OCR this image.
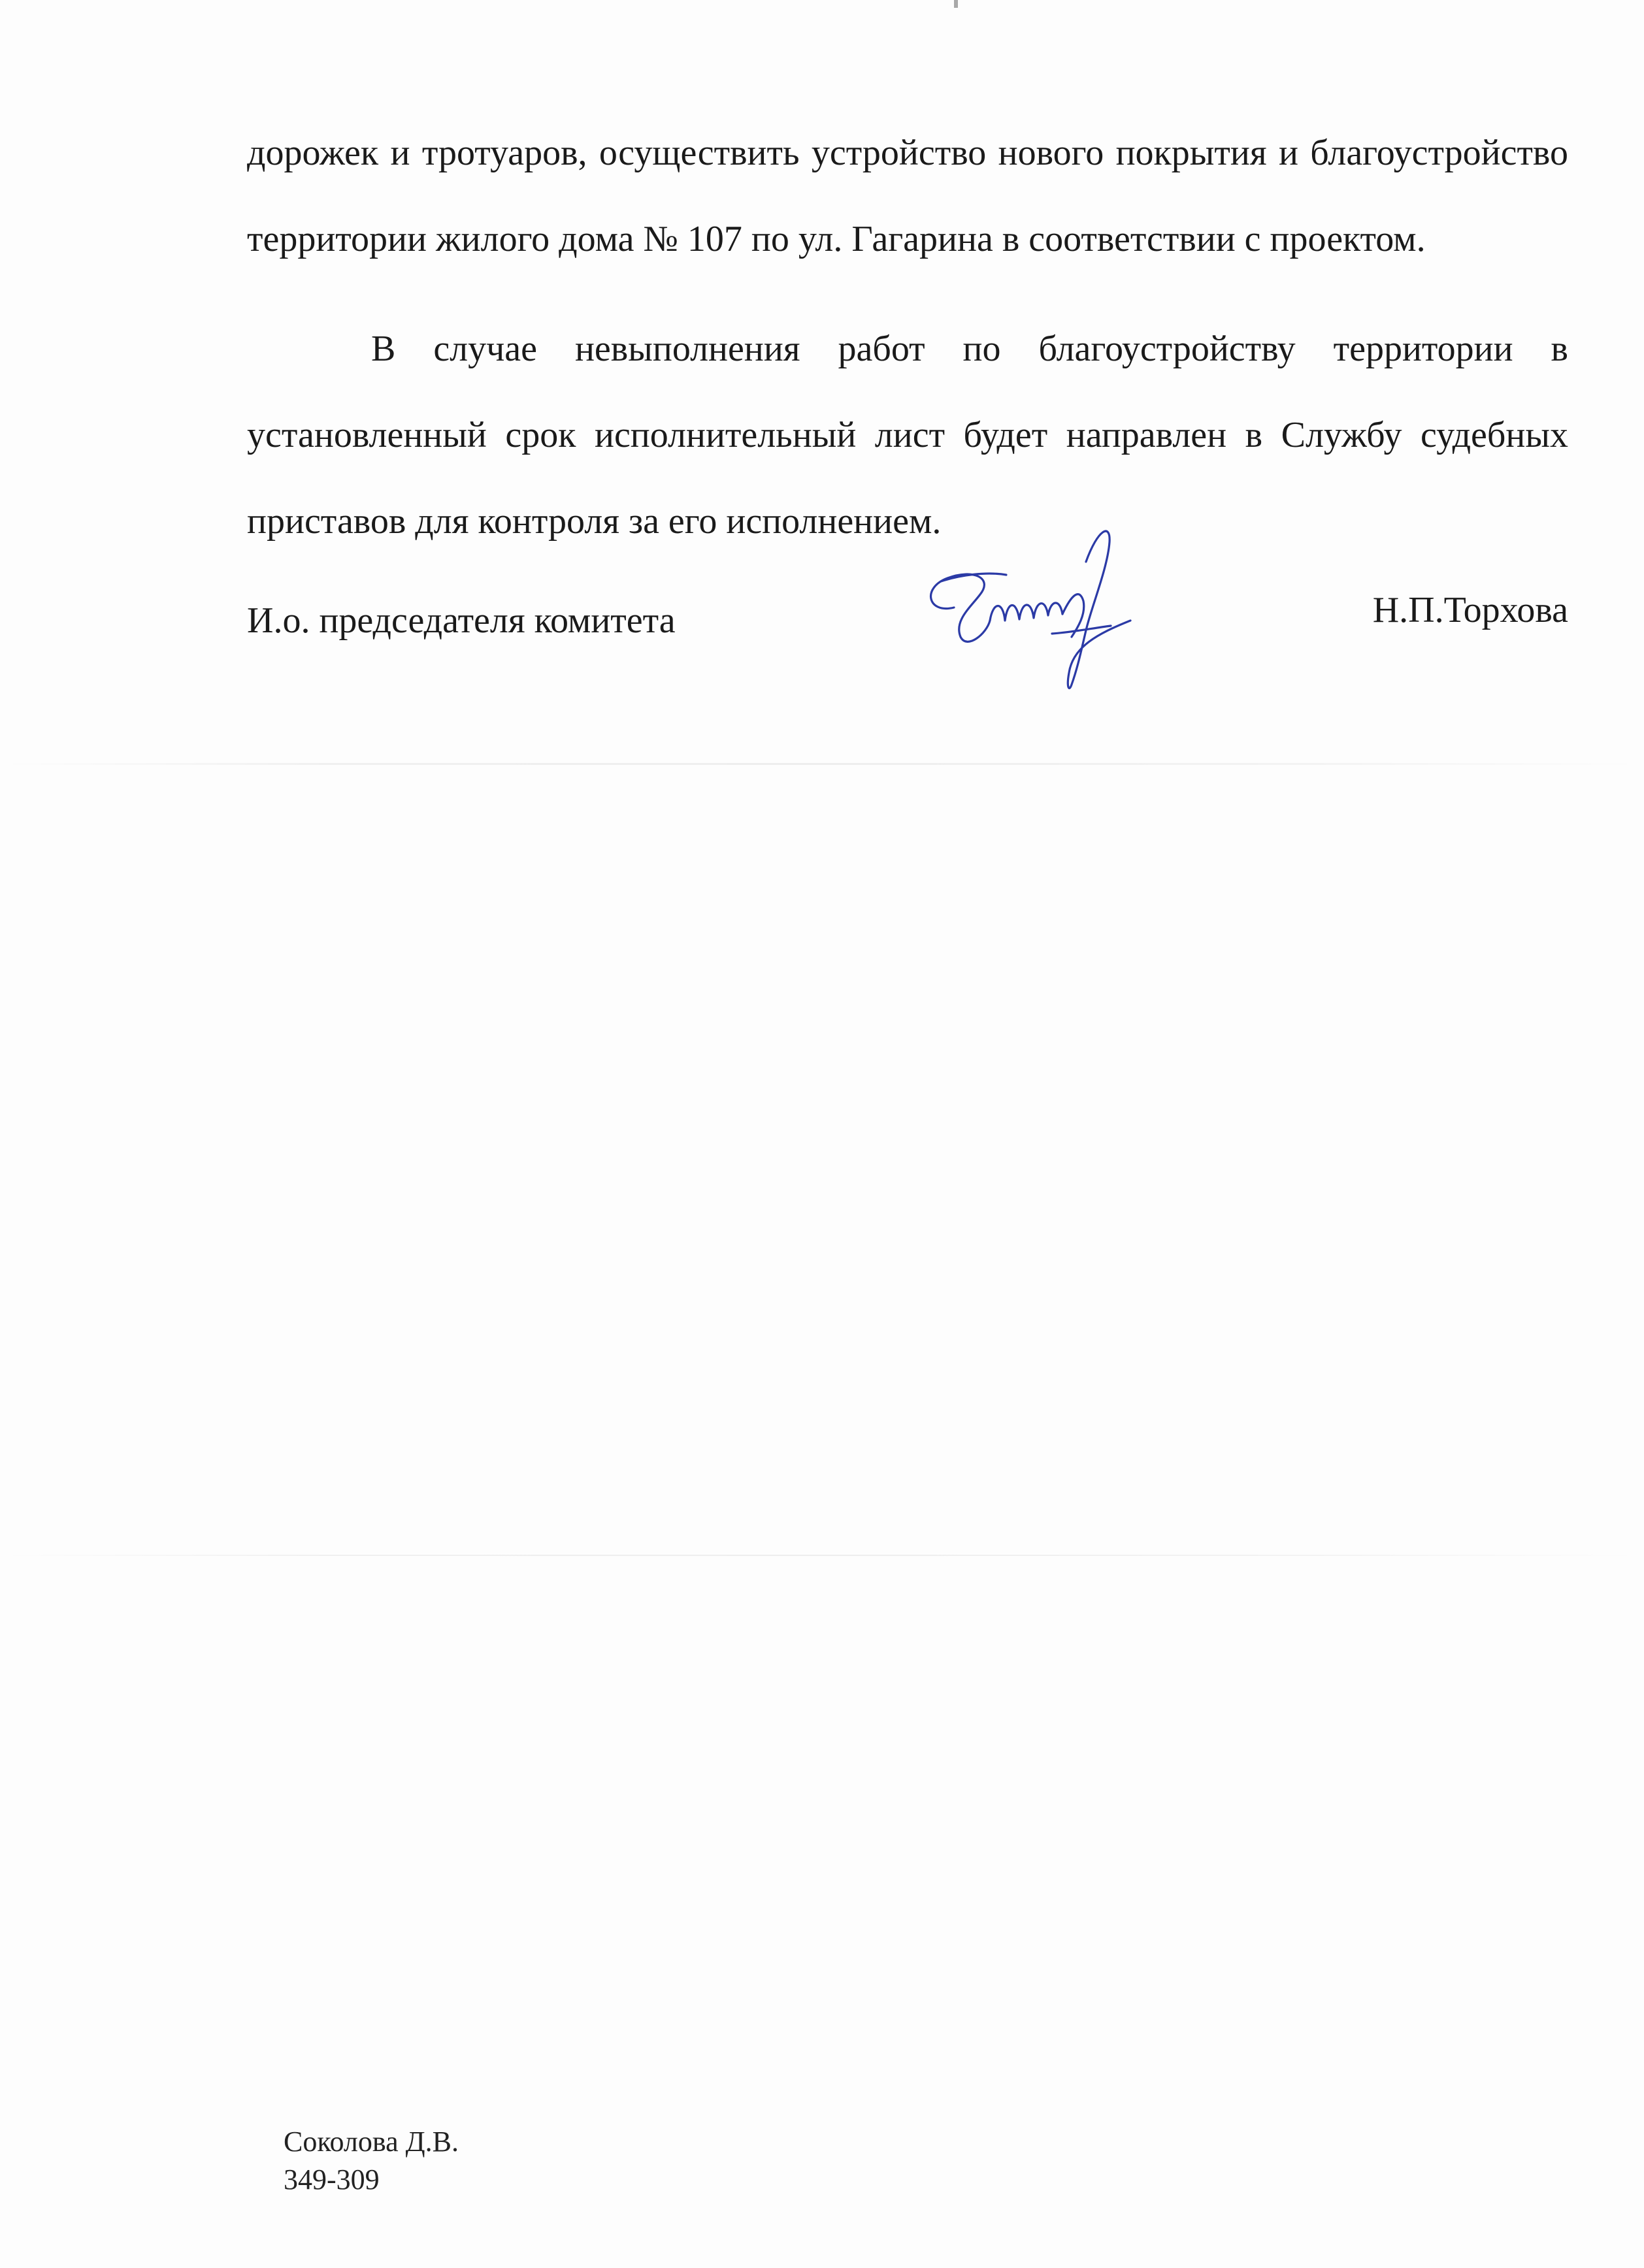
дорожек и тротуаров, осуществить устройство нового покрытия и благоустройство территории жилого дома № 107 по ул. Гагарина в соответствии с проектом.

В случае невыполнения работ по благоустройству территории в установленный срок исполнительный лист будет направлен в Службу судебных приставов для контроля за его исполнением.

И.о. председателя комитета	Н.П.Торхова
Соколова Д.В.
349-309
